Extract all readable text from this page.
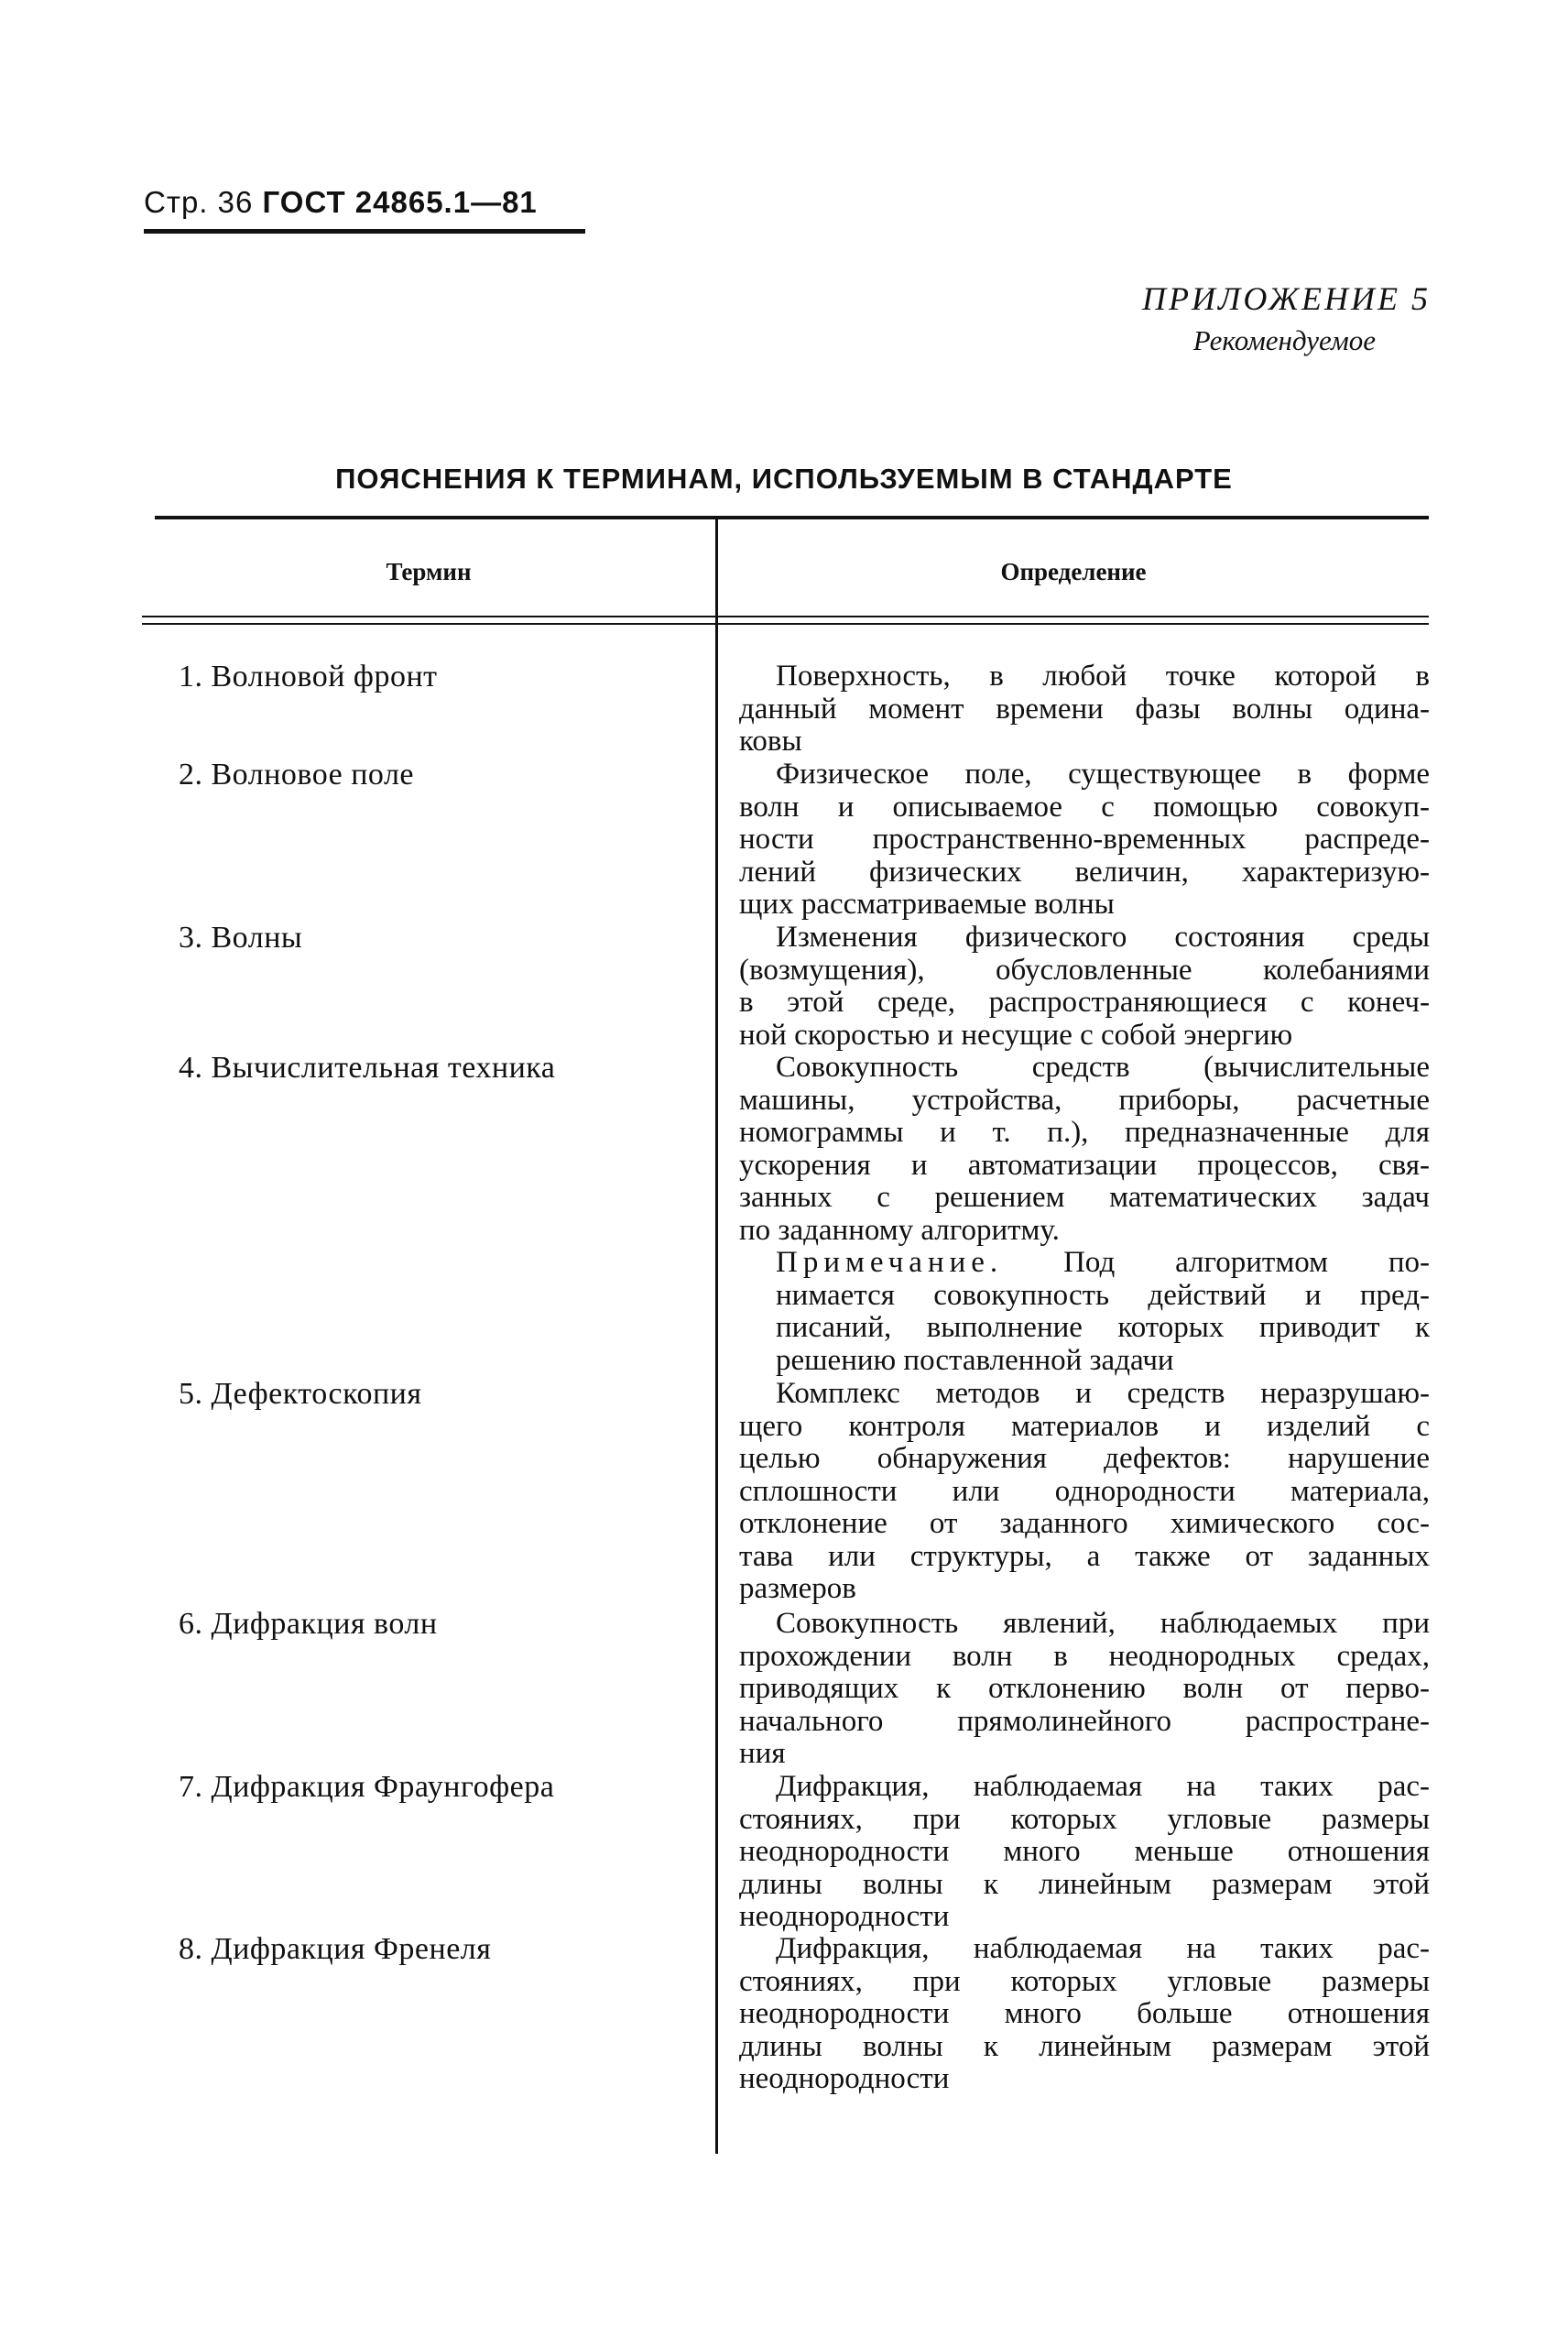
Стр. 36 ГОСТ 24865.1—81
ПРИЛОЖЕНИЕ 5
Рекомендуемое
ПОЯСНЕНИЯ К ТЕРМИНАМ, ИСПОЛЬЗУЕМЫМ В СТАНДАРТЕ
Термин	Определение
1. Волновой фронт	Поверхность, в любой точке которой в
данный момент времени фазы волны одина-
ковы
2. Волновое поле	Физическое поле, существующее в форме
волн и описываемое с помощью совокуп-
ности пространственно-временных распреде-
лений физических величин, характеризую-
щих рассматриваемые волны
3. Волны	Изменения физического состояния среды
(возмущения), обусловленные колебаниями
в этой среде, распространяющиеся с конеч-
ной скоростью и несущие с собой энергию
4. Вычислительная техника	Совокупность средств (вычислительные
машины, устройства, приборы, расчетные
номограммы и т. п.), предназначенные для
ускорения и автоматизации процессов, свя-
занных с решением математических задач
по заданному алгоритму.
Примечание. Под алгоритмом по-
нимается совокупность действий и пред-
писаний, выполнение которых приводит к
решению поставленной задачи
5. Дефектоскопия	Комплекс методов и средств неразрушаю-
щего контроля материалов и изделий с
целью обнаружения дефектов: нарушение
сплошности или однородности материала,
отклонение от заданного химического сос-
тава или структуры, а также от заданных
размеров
6. Дифракция волн	Совокупность явлений, наблюдаемых при
прохождении волн в неоднородных средах,
приводящих к отклонению волн от перво-
начального прямолинейного распростране-
ния
7. Дифракция Фраунгофера	Дифракция, наблюдаемая на таких рас-
стояниях, при которых угловые размеры
неоднородности много меньше отношения
длины волны к линейным размерам этой
неоднородности
8. Дифракция Френеля	Дифракция, наблюдаемая на таких рас-
стояниях, при которых угловые размеры
неоднородности много больше отношения
длины волны к линейным размерам этой
неоднородности
